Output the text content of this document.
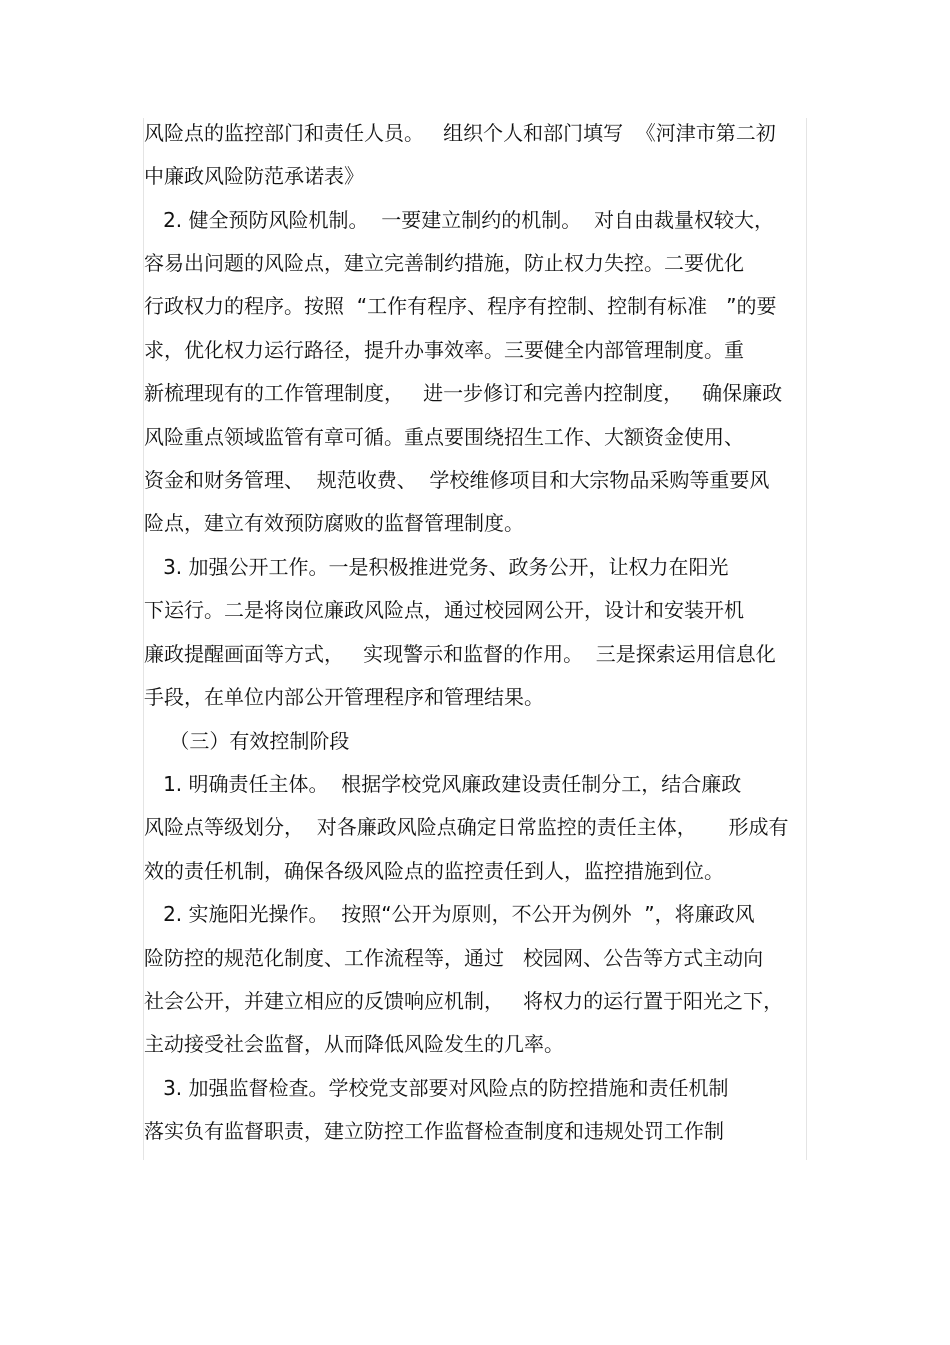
风险点的监控部门和责任人员。   组织个人和部门填写  《河津市第二初
中廉政风险防范承诺表》
2. 健全预防风险机制。  一要建立制约的机制。  对自由裁量权较大，
容易出问题的风险点，建立完善制约措施，防止权力失控。二要优化
行政权力的程序。按照  “工作有程序、程序有控制、控制有标准   ”的要
求，优化权力运行路径，提升办事效率。三要健全内部管理制度。重
新梳理现有的工作管理制度，   进一步修订和完善内控制度，   确保廉政
风险重点领域监管有章可循。重点要围绕招生工作、大额资金使用、
资金和财务管理、  规范收费、  学校维修项目和大宗物品采购等重要风
险点，建立有效预防腐败的监督管理制度。
3. 加强公开工作。一是积极推进党务、政务公开，让权力在阳光
下运行。二是将岗位廉政风险点，通过校园网公开，设计和安装开机
廉政提醒画面等方式，   实现警示和监督的作用。  三是探索运用信息化
手段，在单位内部公开管理程序和管理结果。
（三）有效控制阶段
1. 明确责任主体。  根据学校党风廉政建设责任制分工，结合廉政
风险点等级划分，  对各廉政风险点确定日常监控的责任主体，     形成有
效的责任机制，确保各级风险点的监控责任到人，监控措施到位。
2. 实施阳光操作。  按照“公开为原则，不公开为例外  ”，将廉政风
险防控的规范化制度、工作流程等，通过   校园网、公告等方式主动向
社会公开，并建立相应的反馈响应机制，   将权力的运行置于阳光之下，
主动接受社会监督，从而降低风险发生的几率。
3. 加强监督检查。学校党支部要对风险点的防控措施和责任机制
落实负有监督职责，建立防控工作监督检查制度和违规处罚工作制
